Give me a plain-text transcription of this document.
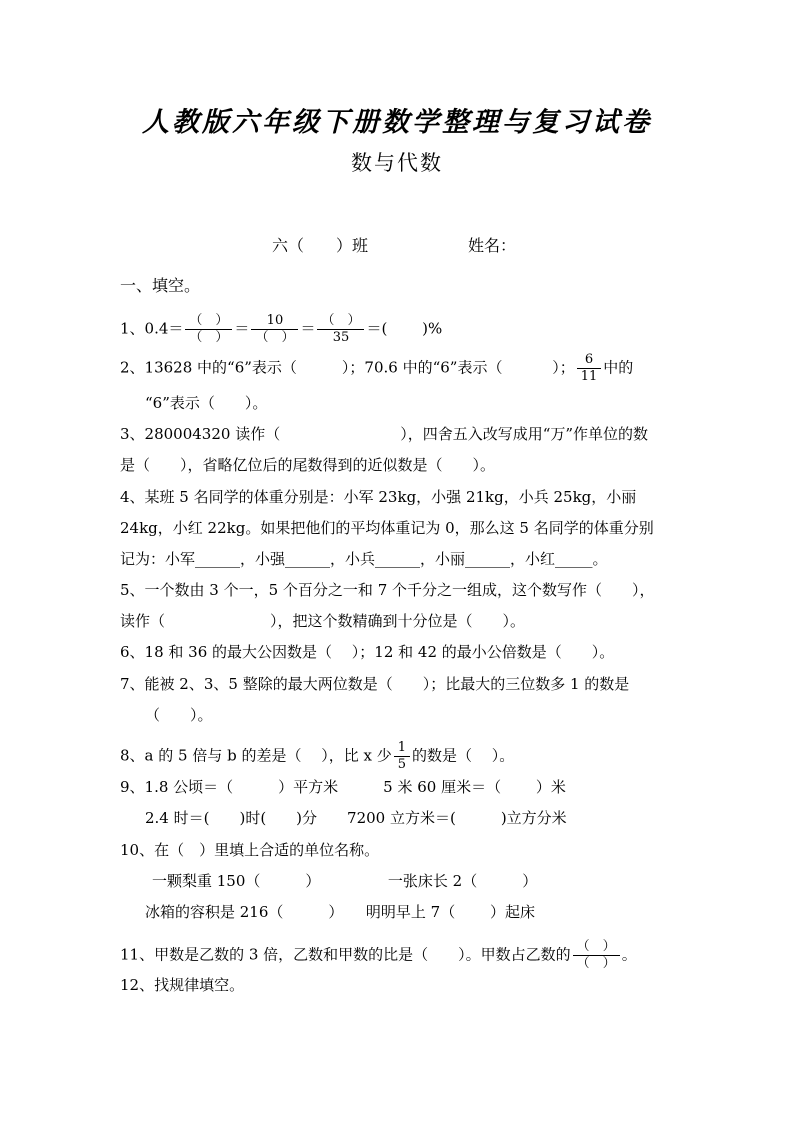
人教版六年级下册数学整理与复习试卷
数与代数
六（　　）班	姓名：
一、填空。
1、$0.4= \frac{( )}{( )} = \frac{10}{( )} = \frac{( )}{35}$ ＝(　　 )%
2、13628 中的“6”表示（　　　）；70.6 中的“6”表示（　　　 ）； $\frac{6}{11}$ 中的
“6”表示（　　）。
3、280004320 读作（　　　　　　　　），四舍五入改写成用“万”作单位的数
是（　　），省略亿位后的尾数得到的近似数是（　　）。
4、某班 5 名同学的体重分别是：小军 23kg，小强 21kg，小兵 25kg，小丽
24kg，小红 22kg。如果把他们的平均体重记为 0，那么这 5 名同学的体重分别
记为：小军______，小强______，小兵______，小丽______，小红_____。
5、一个数由 3 个一，5 个百分之一和 7 个千分之一组成，这个数写作（　　），
读作（　　　　　　　），把这个数精确到十分位是（　　）。
6、18 和 36 的最大公因数是（　 ）；12 和 42 的最小公倍数是（　　）。
7、能被 2、3、5 整除的最大两位数是（　　）；比最大的三位数多 1 的数是
（　　）。
8、a 的 5 倍与 b 的差是（　 ），比 x 少 $\frac{1}{5}$ 的数是（　 ）。
9、1.8 公顷＝（　　　）平方米　　　5 米 60 厘米＝（　　 ）米
2.4 时＝(　　)时(　　)分　　7200 立方米＝(　　　)立方分米
10、在（　）里填上合适的单位名称。
一颗梨重 150（　　　）　　　　　一张床长 2（　　　）
冰箱的容积是 216（　　　）　　明明早上 7（　　 ）起床
11、甲数是乙数的 3 倍，乙数和甲数的比是（　　）。甲数占乙数的 $\frac{( )}{( )}$ 。
12、找规律填空。
